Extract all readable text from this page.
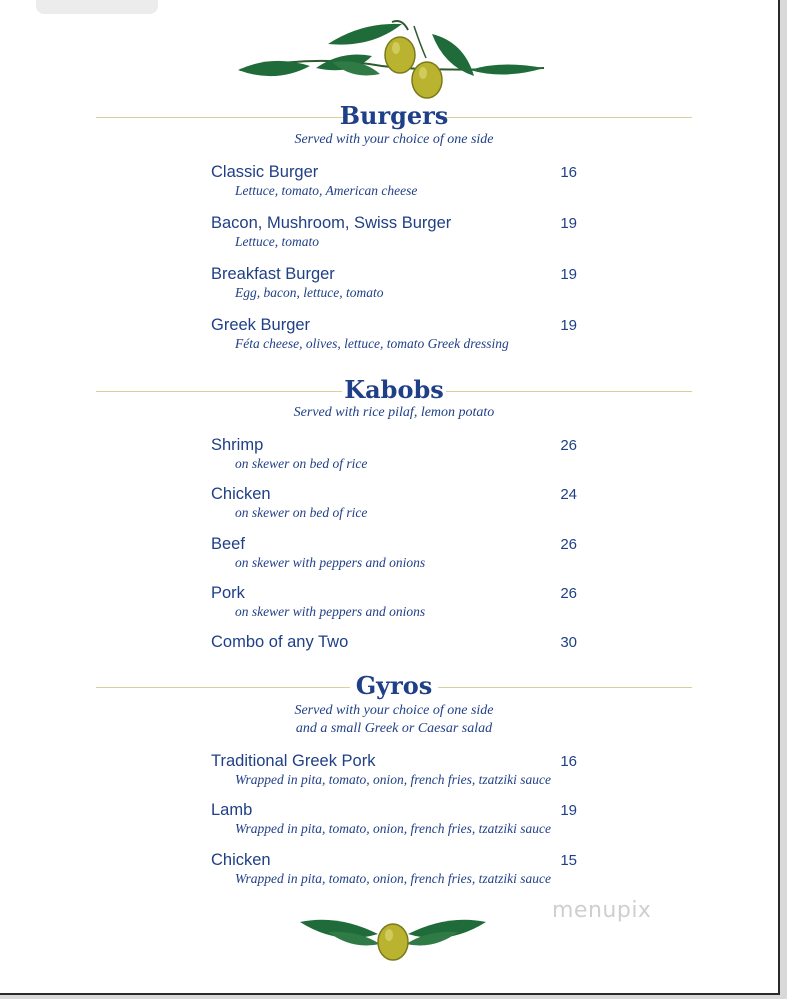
Burgers
Served with your choice of one side
Classic Burger	16
Lettuce, tomato, American cheese
Bacon, Mushroom, Swiss Burger	19
Lettuce, tomato
Breakfast Burger	19
Egg, bacon, lettuce, tomato
Greek Burger	19
Féta cheese, olives, lettuce, tomato Greek dressing
Kabobs
Served with rice pilaf, lemon potato
Shrimp	26
on skewer on bed of rice
Chicken	24
on skewer on bed of rice
Beef	26
on skewer with peppers and onions
Pork	26
on skewer with peppers and onions
Combo of any Two	30
Gyros
Served with your choice of one side
and a small Greek or Caesar salad
Traditional Greek Pork	16
Wrapped in pita, tomato, onion, french fries, tzatziki sauce
Lamb	19
Wrapped in pita, tomato, onion, french fries, tzatziki sauce
Chicken	15
Wrapped in pita, tomato, onion, french fries, tzatziki sauce
menupix
